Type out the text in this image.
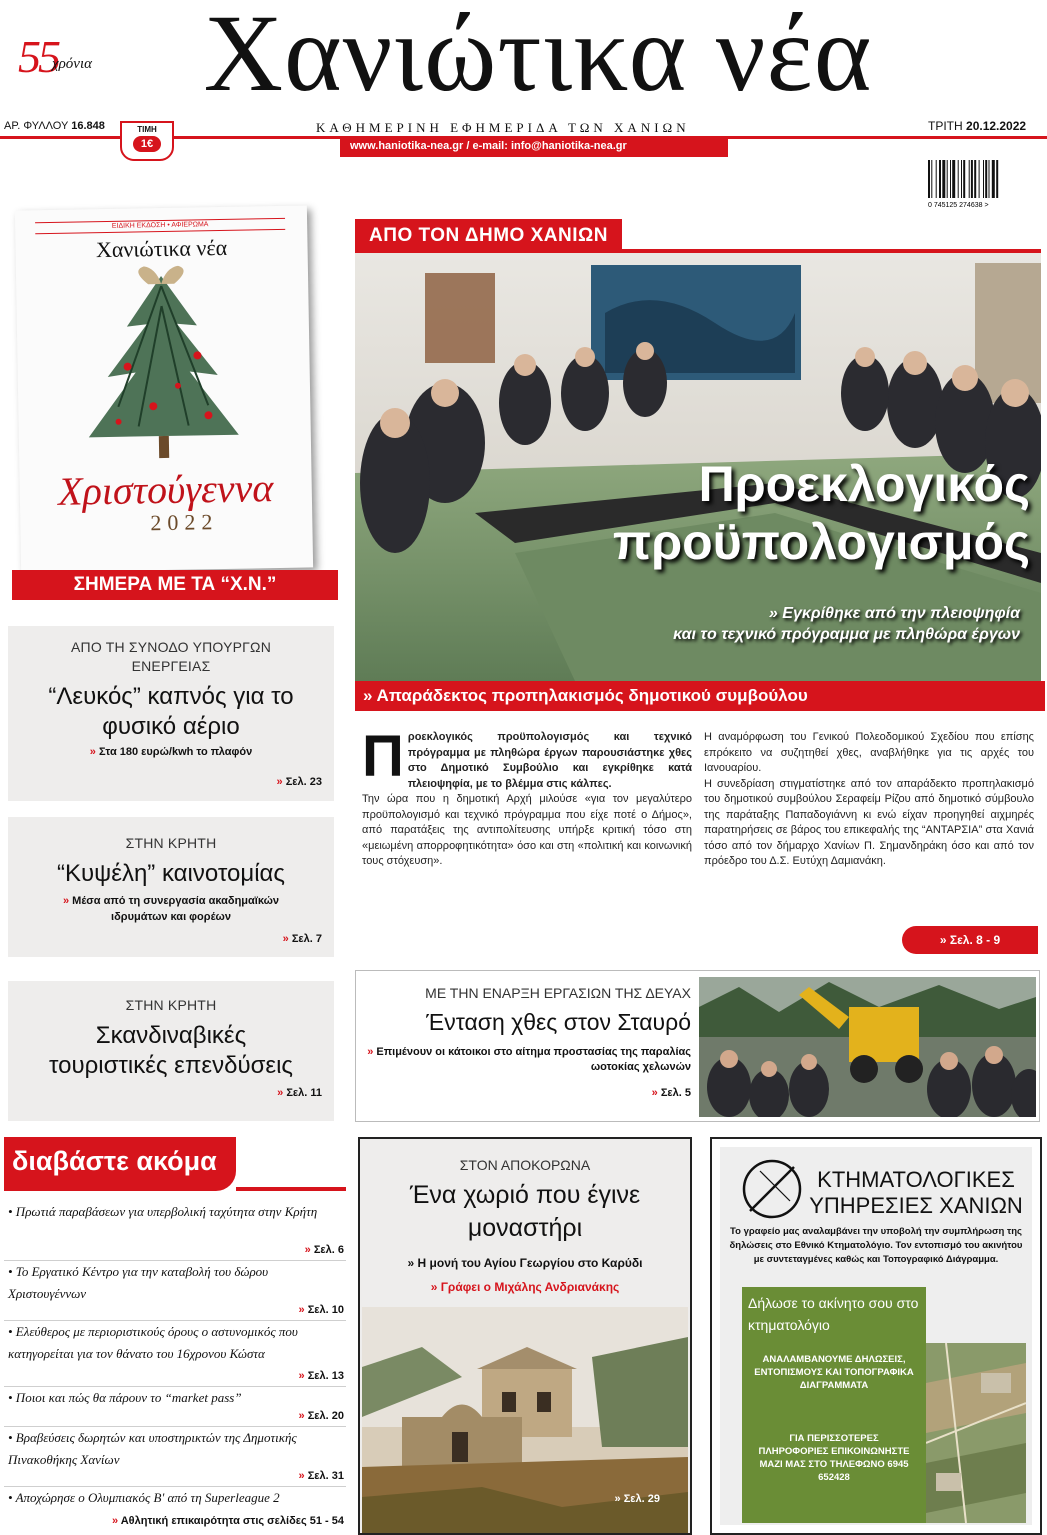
55
χρόνια	Χανιώτικα νέα
ΑΡ. ΦΥΛΛΟΥ 16.848	ΚΑΘΗΜΕΡΙΝΗ ΕΦΗΜΕΡΙΔΑ ΤΩΝ ΧΑΝΙΩΝ	ΤΡΙΤΗ 20.12.2022
www.haniotika-nea.gr / e-mail: info@haniotika-nea.gr
ΤΙΜΗ
1€
0 745125 274638 >
ΕΙΔΙΚΗ ΕΚΔΟΣΗ • ΑΦΙΕΡΩΜΑ
Χανιώτικα νέα
Χριστούγεννα
2022
ΣΗΜΕΡΑ ΜΕ ΤΑ “Χ.Ν.”
ΑΠΟ ΤΗ ΣΥΝΟΔΟ ΥΠΟΥΡΓΩΝ ΕΝΕΡΓΕΙΑΣ
“Λευκός” καπνός για το φυσικό αέριο
» Στα 180 ευρώ/kwh το πλαφόν
» Σελ. 23
ΣΤΗΝ ΚΡΗΤΗ
“Κυψέλη” καινοτομίας
» Μέσα από τη συνεργασία ακαδημαϊκών ιδρυμάτων και φορέων
» Σελ. 7
ΣΤΗΝ ΚΡΗΤΗ
Σκανδιναβικές τουριστικές επενδύσεις
» Σελ. 11
ΑΠΟ ΤΟΝ ΔΗΜΟ ΧΑΝΙΩΝ
Προεκλογικός
προϋπολογισμός
» Εγκρίθηκε από την πλειοψηφία
και το τεχνικό πρόγραμμα με πληθώρα έργων
» Απαράδεκτος προπηλακισμός δημοτικού συμβούλου
Π ροεκλογικός προϋπολογισμός και τεχνικό πρόγραμμα με πληθώρα έργων παρουσιάστηκε χθες στο Δημοτικό Συμβούλιο και εγκρίθηκε κατά πλειοψηφία, με το βλέμμα στις κάλπες.
Την ώρα που η δημοτική Αρχή μιλούσε «για τον μεγαλύτερο προϋπολογισμό και τεχνικό πρόγραμμα που είχε ποτέ ο Δήμος», από παρατάξεις της αντιπολίτευσης υπήρξε κριτική τόσο στη «μειωμένη απορροφητικότητα» όσο και στη «πολιτική και κοινωνική τους στόχευση».
Η αναμόρφωση του Γενικού Πολεοδομικού Σχεδίου που επίσης επρόκειτο να συζητηθεί χθες, αναβλήθηκε για τις αρχές του Ιανουαρίου.
Η συνεδρίαση στιγματίστηκε από τον απαράδεκτο προπηλακισμό του δημοτικού συμβούλου Σεραφείμ Ρίζου από δημοτικό σύμβουλο της παράταξης Παπαδογιάννη κι ενώ είχαν προηγηθεί αιχμηρές παρατηρήσεις σε βάρος του επικεφαλής της “ΑΝΤΑΡΣΙΑ” στα Χανιά τόσο από τον δήμαρχο Χανίων Π. Σημανδηράκη όσο και από τον πρόεδρο του Δ.Σ. Ευτύχη Δαμιανάκη.
» Σελ. 8 - 9
ΜΕ ΤΗΝ ΕΝΑΡΞΗ ΕΡΓΑΣΙΩΝ ΤΗΣ ΔΕΥΑΧ
Ένταση χθες στον Σταυρό
» Επιμένουν οι κάτοικοι στο αίτημα προστασίας της παραλίας ωοτοκίας χελωνών
» Σελ. 5
διαβάστε ακόμα
• Πρωτιά παραβάσεων για υπερβολική ταχύτητα στην Κρήτη
» Σελ. 6
• Το Εργατικό Κέντρο για την καταβολή του δώρου Χριστουγέννων
» Σελ. 10
• Ελεύθερος με περιοριστικούς όρους ο αστυνομικός που κατηγορείται για τον θάνατο του 16χρονου Κώστα
» Σελ. 13
• Ποιοι και πώς θα πάρουν το “market pass”
» Σελ. 20
• Βραβεύσεις δωρητών και υποστηρικτών της Δημοτικής Πινακοθήκης Χανίων
» Σελ. 31
• Αποχώρησε ο Ολυμπιακός Β' από τη Superleague 2
» Αθλητική επικαιρότητα στις σελίδες 51 - 54
ΣΤΟΝ ΑΠΟΚΟΡΩΝΑ
Ένα χωριό που έγινε μοναστήρι
» Η μονή του Αγίου Γεωργίου στο Καρύδι
» Γράφει ο Μιχάλης Ανδριανάκης
» Σελ. 29
ΚΤΗΜΑΤΟΛΟΓΙΚΕΣ ΥΠΗΡΕΣΙΕΣ ΧΑΝΙΩΝ
Το γραφείο μας αναλαμβάνει την υποβολή την συμπλήρωση της δηλώσεις στο Εθνικό Κτηματολόγιο. Τον εντοπισμό του ακινήτου με συντεταγμένες καθώς και Τοπογραφικό Διάγραμμα.
Δήλωσε το ακίνητο σου στο κτηματολόγιο
ΑΝΑΛΑΜΒΑΝΟΥΜΕ ΔΗΛΩΣΕΙΣ, ΕΝΤΟΠΙΣΜΟΥΣ ΚΑΙ ΤΟΠΟΓΡΑΦΙΚΑ ΔΙΑΓΡΑΜΜΑΤΑ
ΓΙΑ ΠΕΡΙΣΣΟΤΕΡΕΣ ΠΛΗΡΟΦΟΡΙΕΣ ΕΠΙΚΟΙΝΩΝΗΣΤΕ ΜΑΖΙ ΜΑΣ ΣΤΟ ΤΗΛΕΦΩΝΟ 6945 652428
